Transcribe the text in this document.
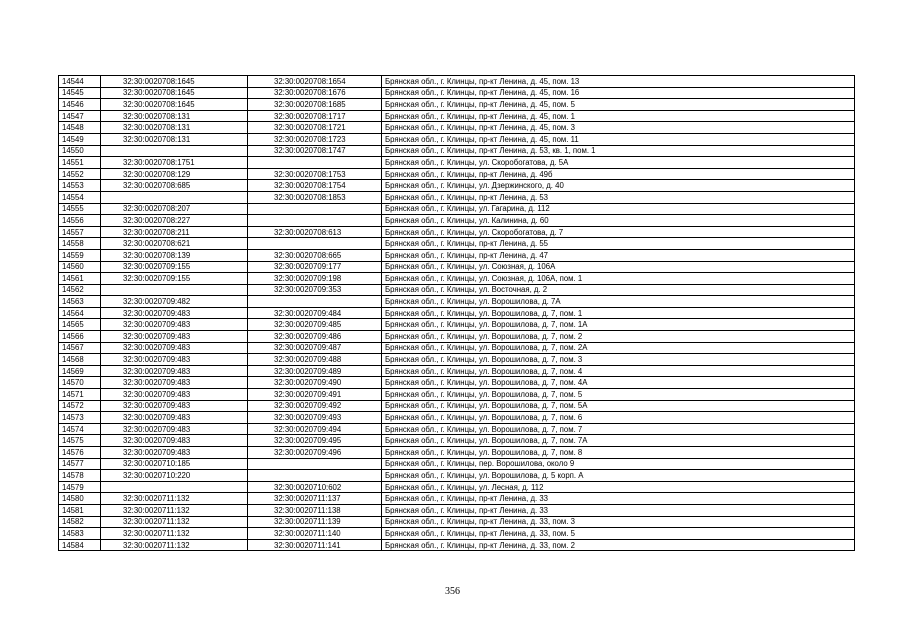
14544	32:30:0020708:1645	32:30:0020708:1654	Брянская обл., г. Клинцы, пр-кт Ленина, д. 45, пом. 13
14545	32:30:0020708:1645	32:30:0020708:1676	Брянская обл., г. Клинцы, пр-кт Ленина, д. 45, пом. 16
14546	32:30:0020708:1645	32:30:0020708:1685	Брянская обл., г. Клинцы, пр-кт Ленина, д. 45, пом. 5
14547	32:30:0020708:131	32:30:0020708:1717	Брянская обл., г. Клинцы, пр-кт Ленина, д. 45, пом. 1
14548	32:30:0020708:131	32:30:0020708:1721	Брянская обл., г. Клинцы, пр-кт Ленина, д. 45, пом. 3
14549	32:30:0020708:131	32:30:0020708:1723	Брянская обл., г. Клинцы, пр-кт Ленина, д. 45, пом. 11
14550		32:30:0020708:1747	Брянская обл., г. Клинцы, пр-кт Ленина, д. 53, кв. 1, пом. 1
14551	32:30:0020708:1751		Брянская обл., г. Клинцы, ул. Скоробогатова, д. 5А
14552	32:30:0020708:129	32:30:0020708:1753	Брянская обл., г. Клинцы, пр-кт Ленина, д. 49б
14553	32:30:0020708:685	32:30:0020708:1754	Брянская обл., г. Клинцы, ул. Дзержинского, д. 40
14554		32:30:0020708:1853	Брянская обл., г. Клинцы, пр-кт Ленина, д. 53
14555	32:30:0020708:207		Брянская обл., г. Клинцы, ул. Гагарина, д. 112
14556	32:30:0020708:227		Брянская обл., г. Клинцы, ул. Калинина, д. 60
14557	32:30:0020708:211	32:30:0020708:613	Брянская обл., г. Клинцы, ул. Скоробогатова, д. 7
14558	32:30:0020708:621		Брянская обл., г. Клинцы, пр-кт Ленина, д. 55
14559	32:30:0020708:139	32:30:0020708:665	Брянская обл., г. Клинцы, пр-кт Ленина, д. 47
14560	32:30:0020709:155	32:30:0020709:177	Брянская обл., г. Клинцы, ул. Союзная, д. 106А
14561	32:30:0020709:155	32:30:0020709:198	Брянская обл., г. Клинцы, ул. Союзная, д. 106А, пом. 1
14562		32:30:0020709:353	Брянская обл., г. Клинцы, ул. Восточная, д. 2
14563	32:30:0020709:482		Брянская обл., г. Клинцы, ул. Ворошилова, д. 7А
14564	32:30:0020709:483	32:30:0020709:484	Брянская обл., г. Клинцы, ул. Ворошилова, д. 7, пом. 1
14565	32:30:0020709:483	32:30:0020709:485	Брянская обл., г. Клинцы, ул. Ворошилова, д. 7, пом. 1А
14566	32:30:0020709:483	32:30:0020709:486	Брянская обл., г. Клинцы, ул. Ворошилова, д. 7, пом. 2
14567	32:30:0020709:483	32:30:0020709:487	Брянская обл., г. Клинцы, ул. Ворошилова, д. 7, пом. 2А
14568	32:30:0020709:483	32:30:0020709:488	Брянская обл., г. Клинцы, ул. Ворошилова, д. 7, пом. 3
14569	32:30:0020709:483	32:30:0020709:489	Брянская обл., г. Клинцы, ул. Ворошилова, д. 7, пом. 4
14570	32:30:0020709:483	32:30:0020709:490	Брянская обл., г. Клинцы, ул. Ворошилова, д. 7, пом. 4А
14571	32:30:0020709:483	32:30:0020709:491	Брянская обл., г. Клинцы, ул. Ворошилова, д. 7, пом. 5
14572	32:30:0020709:483	32:30:0020709:492	Брянская обл., г. Клинцы, ул. Ворошилова, д. 7, пом. 5А
14573	32:30:0020709:483	32:30:0020709:493	Брянская обл., г. Клинцы, ул. Ворошилова, д. 7, пом. 6
14574	32:30:0020709:483	32:30:0020709:494	Брянская обл., г. Клинцы, ул. Ворошилова, д. 7, пом. 7
14575	32:30:0020709:483	32:30:0020709:495	Брянская обл., г. Клинцы, ул. Ворошилова, д. 7, пом. 7А
14576	32:30:0020709:483	32:30:0020709:496	Брянская обл., г. Клинцы, ул. Ворошилова, д. 7, пом. 8
14577	32:30:0020710:185		Брянская обл., г. Клинцы, пер. Ворошилова, около 9
14578	32:30:0020710:220		Брянская обл., г. Клинцы, ул. Ворошилова, д. 5 корп. А
14579		32:30:0020710:602	Брянская обл., г. Клинцы, ул. Лесная, д. 112
14580	32:30:0020711:132	32:30:0020711:137	Брянская обл., г. Клинцы, пр-кт Ленина, д. 33
14581	32:30:0020711:132	32:30:0020711:138	Брянская обл., г. Клинцы, пр-кт Ленина, д. 33
14582	32:30:0020711:132	32:30:0020711:139	Брянская обл., г. Клинцы, пр-кт Ленина, д. 33, пом. 3
14583	32:30:0020711:132	32:30:0020711:140	Брянская обл., г. Клинцы, пр-кт Ленина, д. 33, пом. 5
14584	32:30:0020711:132	32:30:0020711:141	Брянская обл., г. Клинцы, пр-кт Ленина, д. 33, пом. 2
356
